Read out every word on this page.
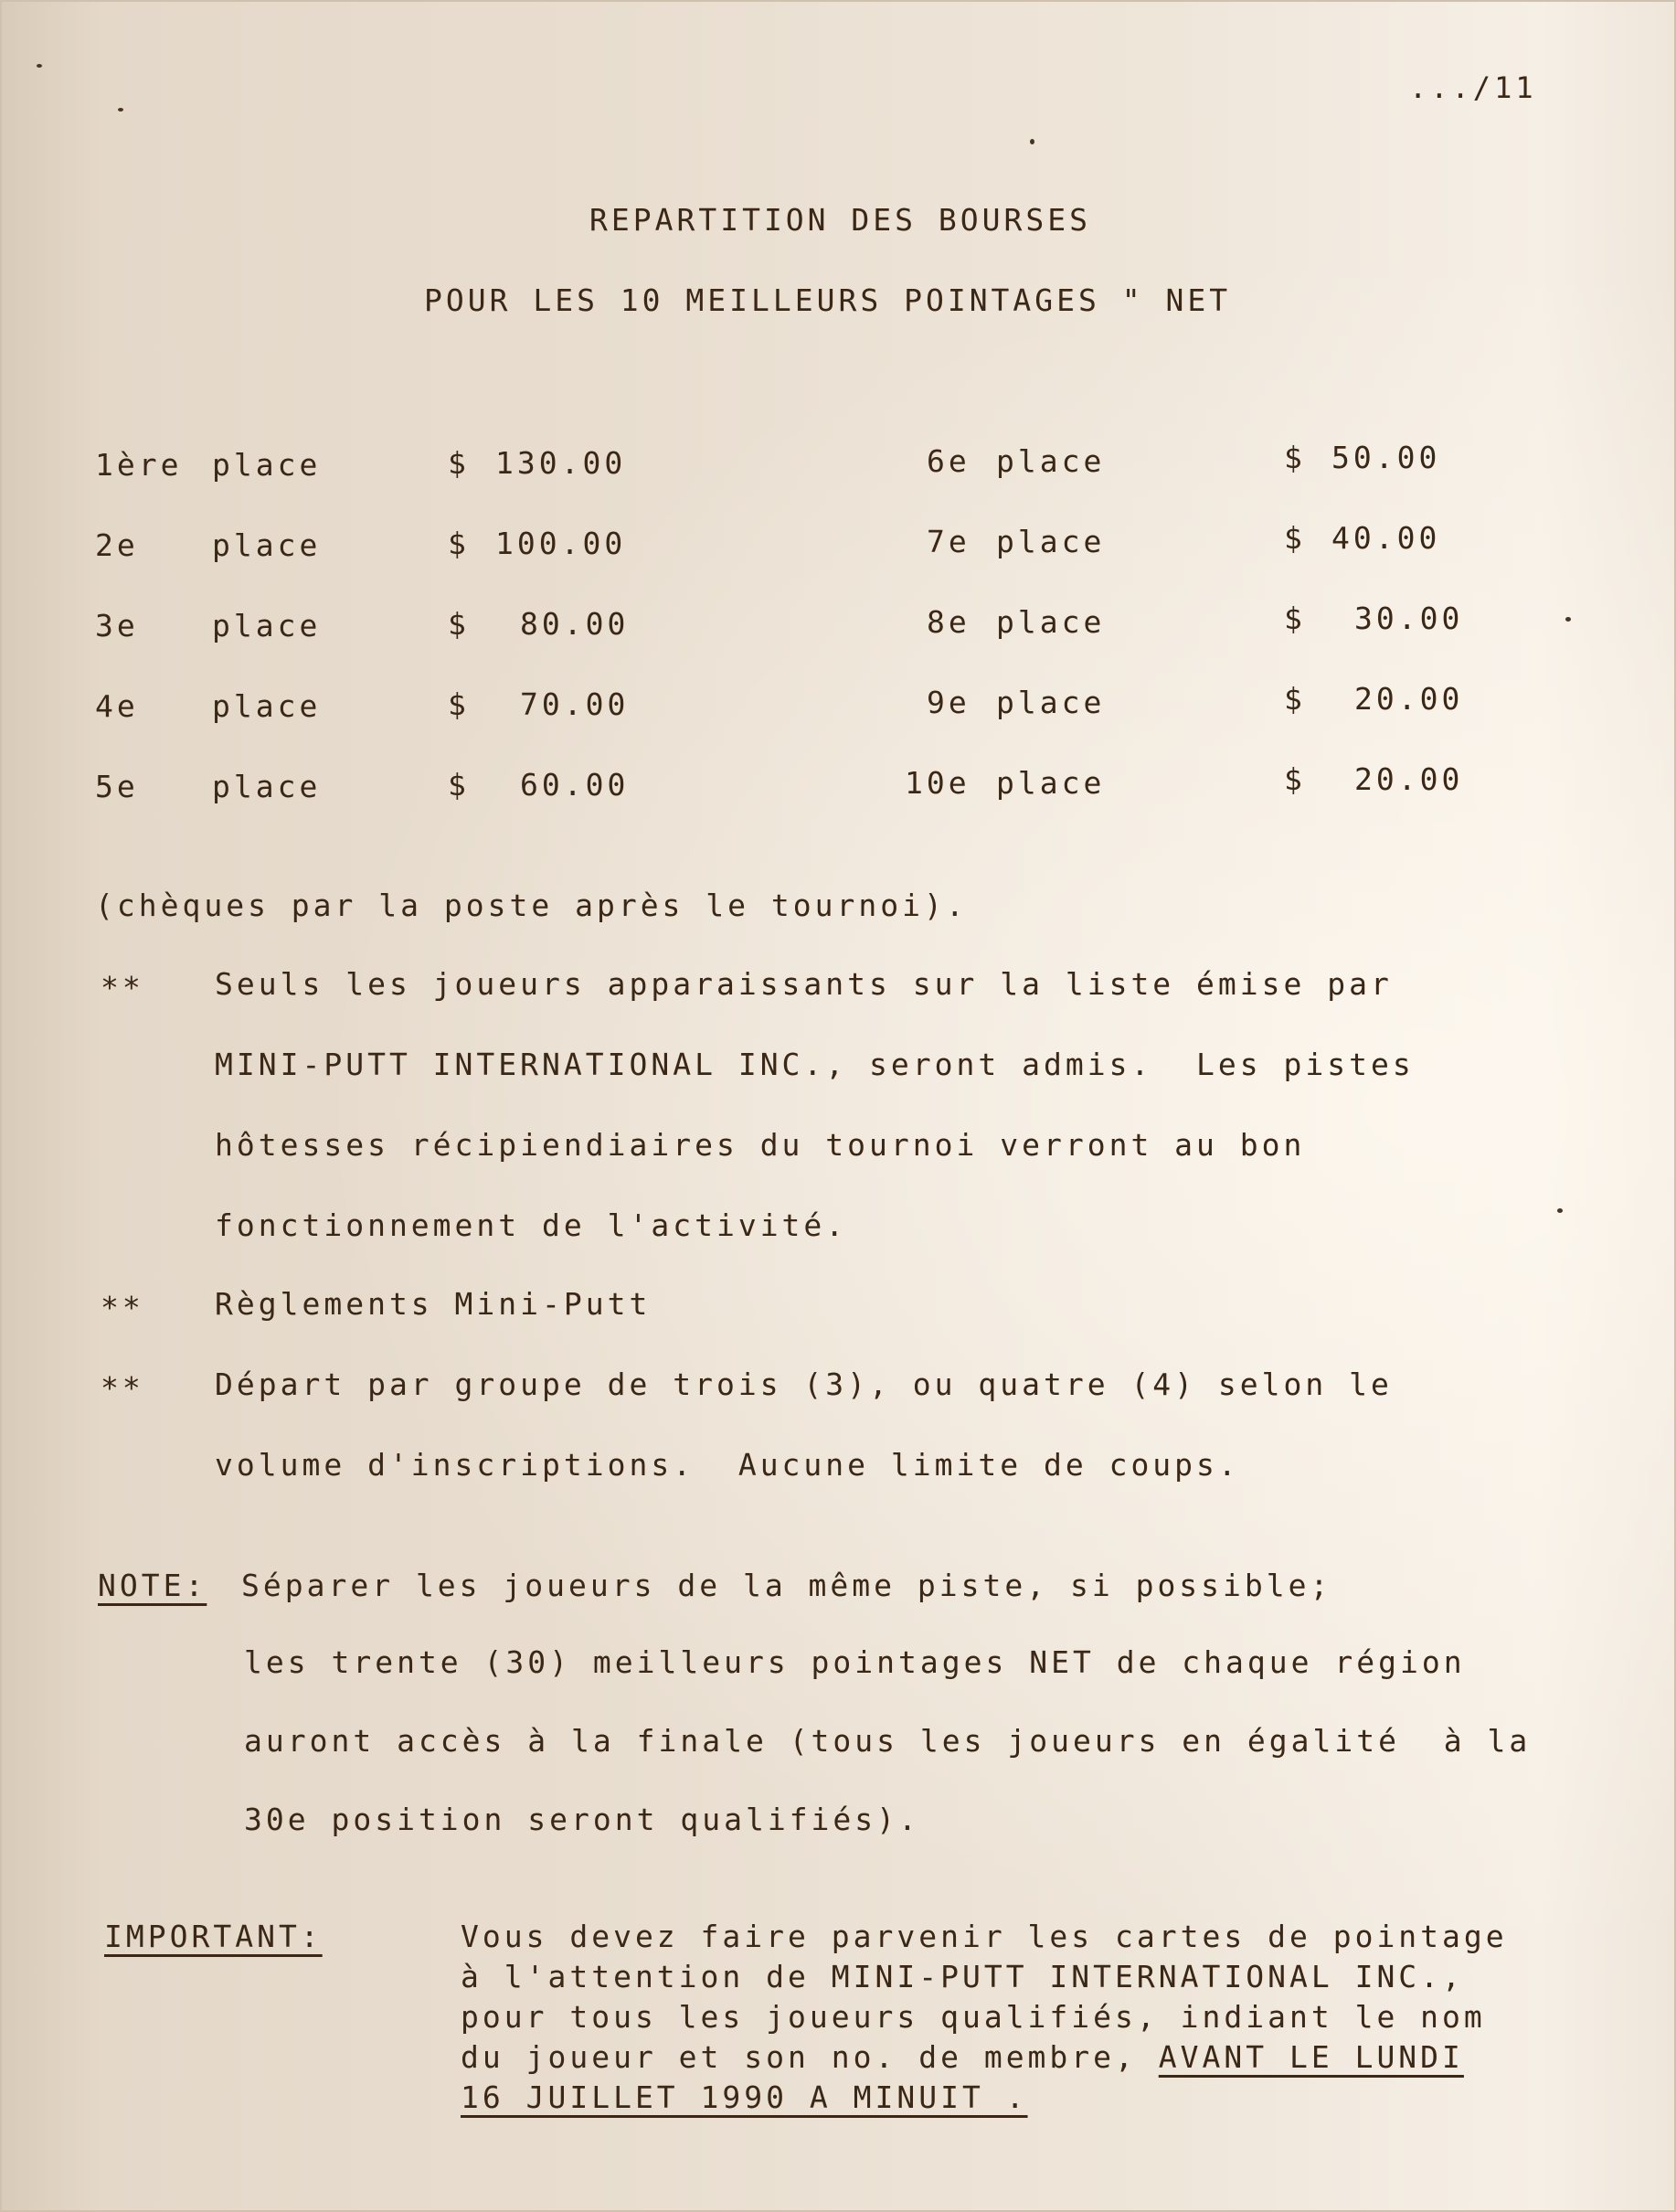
.../11
REPARTITION DES BOURSES
POUR LES 10 MEILLEURS POINTAGES " NET
1ère place	$ 130.00
2e place	$ 100.00
3e place	$ 80.00
4e place	$ 70.00
5e place	$ 60.00
6e place	$ 50.00
7e place	$ 40.00
8e place	$ 30.00
9e place	$ 20.00
10e place	$ 20.00
(chèques par la poste après le tournoi).
** Seuls les joueurs apparaissants sur la liste émise par
MINI-PUTT INTERNATIONAL INC., seront admis.  Les pistes
hôtesses récipiendiaires du tournoi verront au bon
fonctionnement de l'activité.
** Règlements Mini-Putt
** Départ par groupe de trois (3), ou quatre (4) selon le
volume d'inscriptions.  Aucune limite de coups.
NOTE: Séparer les joueurs de la même piste, si possible;
les trente (30) meilleurs pointages NET de chaque région
auront accès à la finale (tous les joueurs en égalité  à la
30e position seront qualifiés).
IMPORTANT:	Vous devez faire parvenir les cartes de pointage
à l'attention de MINI-PUTT INTERNATIONAL INC.,
pour tous les joueurs qualifiés, indiant le nom
du joueur et son no. de membre, AVANT LE LUNDI
16 JUILLET 1990 A MINUIT .
